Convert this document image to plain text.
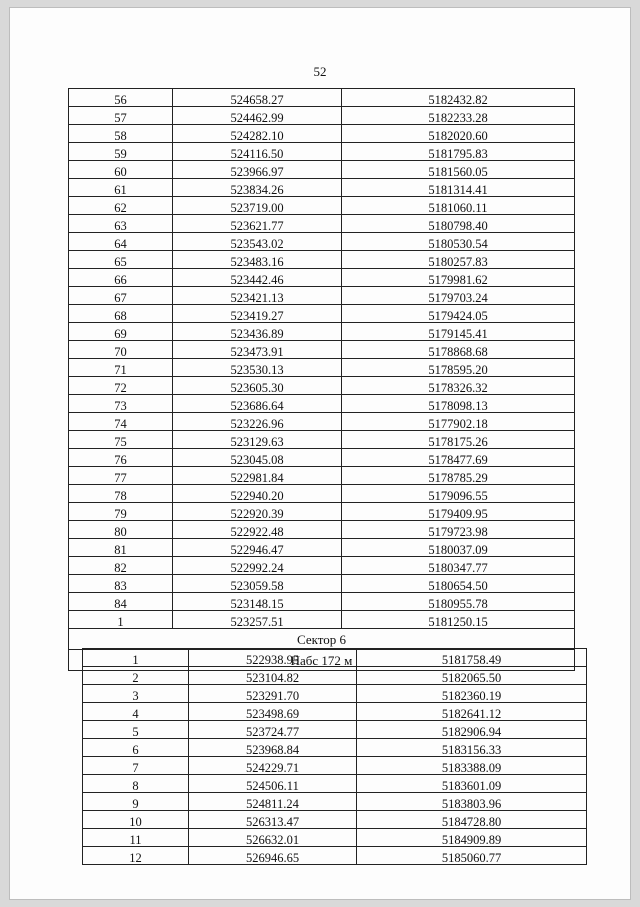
52
56	524658.27	5182432.82
57	524462.99	5182233.28
58	524282.10	5182020.60
59	524116.50	5181795.83
60	523966.97	5181560.05
61	523834.26	5181314.41
62	523719.00	5181060.11
63	523621.77	5180798.40
64	523543.02	5180530.54
65	523483.16	5180257.83
66	523442.46	5179981.62
67	523421.13	5179703.24
68	523419.27	5179424.05
69	523436.89	5179145.41
70	523473.91	5178868.68
71	523530.13	5178595.20
72	523605.30	5178326.32
73	523686.64	5178098.13
74	523226.96	5177902.18
75	523129.63	5178175.26
76	523045.08	5178477.69
77	522981.84	5178785.29
78	522940.20	5179096.55
79	522920.39	5179409.95
80	522922.48	5179723.98
81	522946.47	5180037.09
82	522992.24	5180347.77
83	523059.58	5180654.50
84	523148.15	5180955.78
1	523257.51	5181250.15
Сектор 6		
Набс 172 м		
1	522938.95	5181758.49
2	523104.82	5182065.50
3	523291.70	5182360.19
4	523498.69	5182641.12
5	523724.77	5182906.94
6	523968.84	5183156.33
7	524229.71	5183388.09
8	524506.11	5183601.09
9	524811.24	5183803.96
10	526313.47	5184728.80
11	526632.01	5184909.89
12	526946.65	5185060.77
